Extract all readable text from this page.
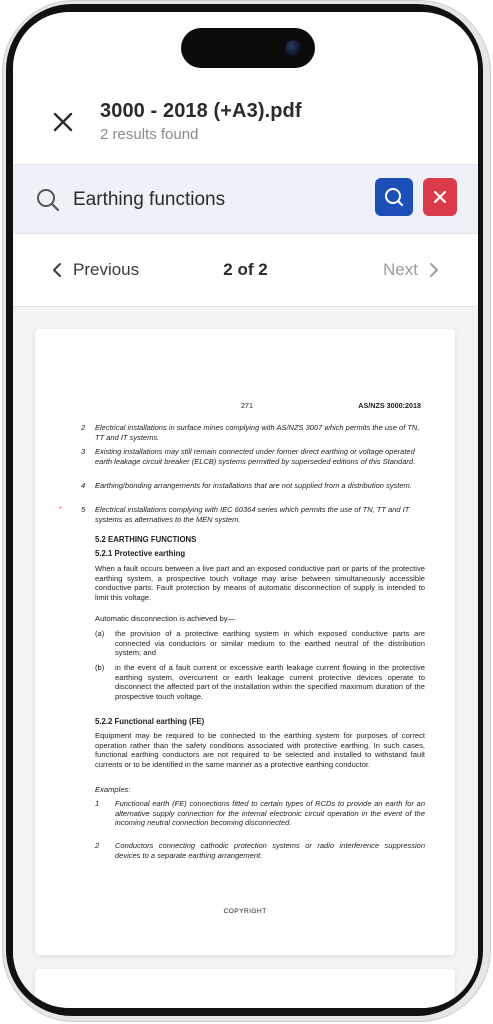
3000 - 2018 (+A3).pdf
2 results found
Earthing functions
Previous	2 of 2	Next
271	AS/NZS 3000:2018
2 Electrical installations in surface mines complying with AS/NZS 3007 which permits the use of TN, TT and IT systems.
3 Existing installations may still remain connected under former direct earthing or voltage operated earth leakage circuit breaker (ELCB) systems permitted by superseded editions of this Standard.
4 Earthing/bonding arrangements for installations that are not supplied from a distribution system.
*	5 Electrical installations complying with IEC 60364 series which permits the use of TN, TT and IT systems as alternatives to the MEN system.
5.2 EARTHING FUNCTIONS
5.2.1 Protective earthing
When a fault occurs between a live part and an exposed conductive part or parts of the protective earthing system, a prospective touch voltage may arise between simultaneously accessible conductive parts. Fault protection by means of automatic disconnection of supply is intended to limit this voltage.
Automatic disconnection is achieved by—
(a) the provision of a protective earthing system in which exposed conductive parts are connected via conductors or similar medium to the earthed neutral of the distribution system; and
(b) in the event of a fault current or excessive earth leakage current flowing in the protective earthing system, overcurrent or earth leakage current protective devices operate to disconnect the affected part of the installation within the specified maximum duration of the prospective touch voltage.
5.2.2 Functional earthing (FE)
Equipment may be required to be connected to the earthing system for purposes of correct operation rather than the safety conditions associated with protective earthing. In such cases, functional earthing conductors are not required to be selected and installed to withstand fault currents or to be identified in the same manner as a protective earthing conductor.
Examples:
1 Functional earth (FE) connections fitted to certain types of RCDs to provide an earth for an alternative supply connection for the internal electronic circuit operation in the event of the incoming neutral connection becoming disconnected.
2 Conductors connecting cathodic protection systems or radio interference suppression devices to a separate earthing arrangement.
COPYRIGHT
